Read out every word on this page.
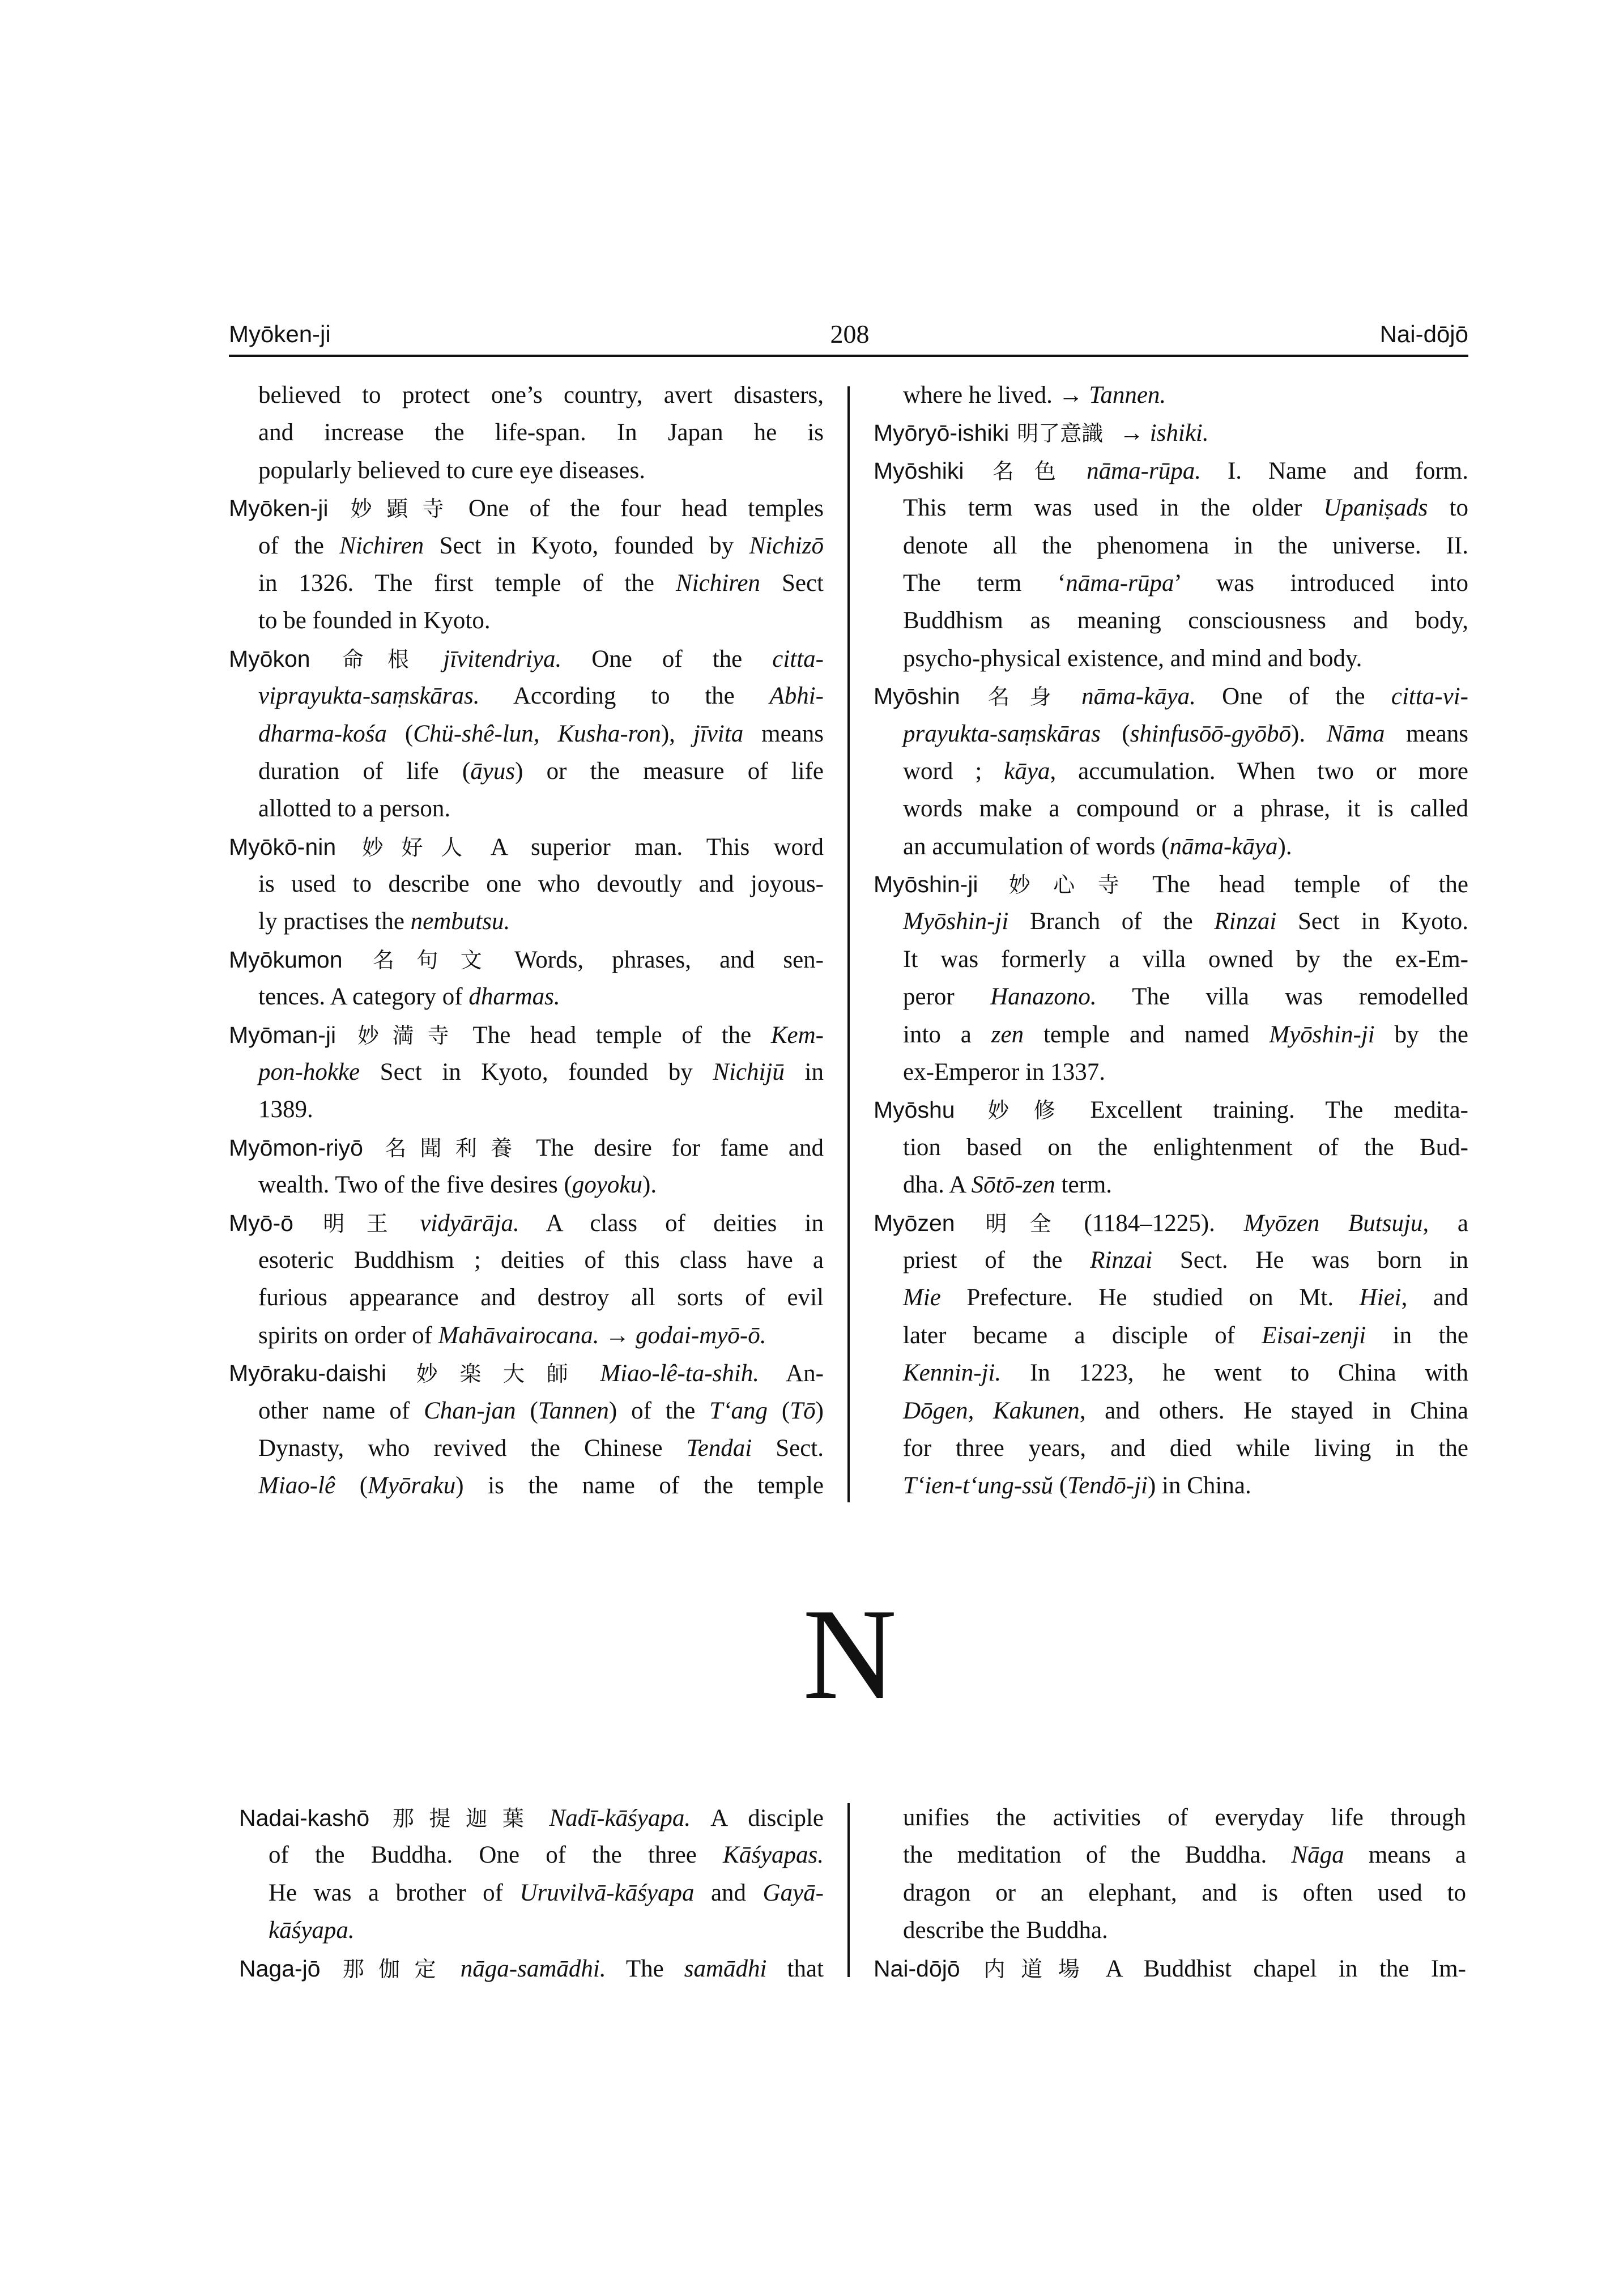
Myōken-ji	208	Nai-dōjō
believed to protect one’s country, avert disasters,
and increase the life-span. In Japan he is
popularly believed to cure eye diseases.
Myōken-ji 妙顕寺 One of the four head temples
of the Nichiren Sect in Kyoto, founded by Nichizō
in 1326. The first temple of the Nichiren Sect
to be founded in Kyoto.
Myōkon 命根 jīvitendriya. One of the citta-
viprayukta-saṃskāras. According to the Abhi-
dharma-kośa (Chü-shê-lun, Kusha-ron), jīvita means
duration of life (āyus) or the measure of life
allotted to a person.
Myōkō-nin 妙好人 A superior man. This word
is used to describe one who devoutly and joyous-
ly practises the nembutsu.
Myōkumon 名句文 Words, phrases, and sen-
tences. A category of dharmas.
Myōman-ji 妙満寺 The head temple of the Kem-
pon-hokke Sect in Kyoto, founded by Nichijū in
1389.
Myōmon-riyō 名聞利養 The desire for fame and
wealth. Two of the five desires (goyoku).
Myō-ō 明王 vidyārāja. A class of deities in
esoteric Buddhism ; deities of this class have a
furious appearance and destroy all sorts of evil
spirits on order of Mahāvairocana. → godai-myō-ō.
Myōraku-daishi 妙楽大師 Miao-lê-ta-shih. An-
other name of Chan-jan (Tannen) of the T‘ang (Tō)
Dynasty, who revived the Chinese Tendai Sect.
Miao-lê (Myōraku) is the name of the temple
where he lived. → Tannen.
Myōryō-ishiki 明了意識 → ishiki.
Myōshiki 名色 nāma-rūpa. I. Name and form.
This term was used in the older Upaniṣads to
denote all the phenomena in the universe. II.
The term ‘nāma-rūpa’ was introduced into
Buddhism as meaning consciousness and body,
psycho-physical existence, and mind and body.
Myōshin 名身 nāma-kāya. One of the citta-vi-
prayukta-saṃskāras (shinfusōō-gyōbō). Nāma means
word ; kāya, accumulation. When two or more
words make a compound or a phrase, it is called
an accumulation of words (nāma-kāya).
Myōshin-ji 妙心寺 The head temple of the
Myōshin-ji Branch of the Rinzai Sect in Kyoto.
It was formerly a villa owned by the ex-Em-
peror Hanazono. The villa was remodelled
into a zen temple and named Myōshin-ji by the
ex-Emperor in 1337.
Myōshu 妙修 Excellent training. The medita-
tion based on the enlightenment of the Bud-
dha. A Sōtō-zen term.
Myōzen 明全 (1184–1225). Myōzen Butsuju, a
priest of the Rinzai Sect. He was born in
Mie Prefecture. He studied on Mt. Hiei, and
later became a disciple of Eisai-zenji in the
Kennin-ji. In 1223, he went to China with
Dōgen, Kakunen, and others. He stayed in China
for three years, and died while living in the
T‘ien-t‘ung-ssŭ (Tendō-ji) in China.
N
Nadai-kashō 那提迦葉 Nadī-kāśyapa. A disciple
of the Buddha. One of the three Kāśyapas.
He was a brother of Uruvilvā-kāśyapa and Gayā-
kāśyapa.
Naga-jō 那伽定 nāga-samādhi. The samādhi that
unifies the activities of everyday life through
the meditation of the Buddha. Nāga means a
dragon or an elephant, and is often used to
describe the Buddha.
Nai-dōjō 内道場 A Buddhist chapel in the Im-
